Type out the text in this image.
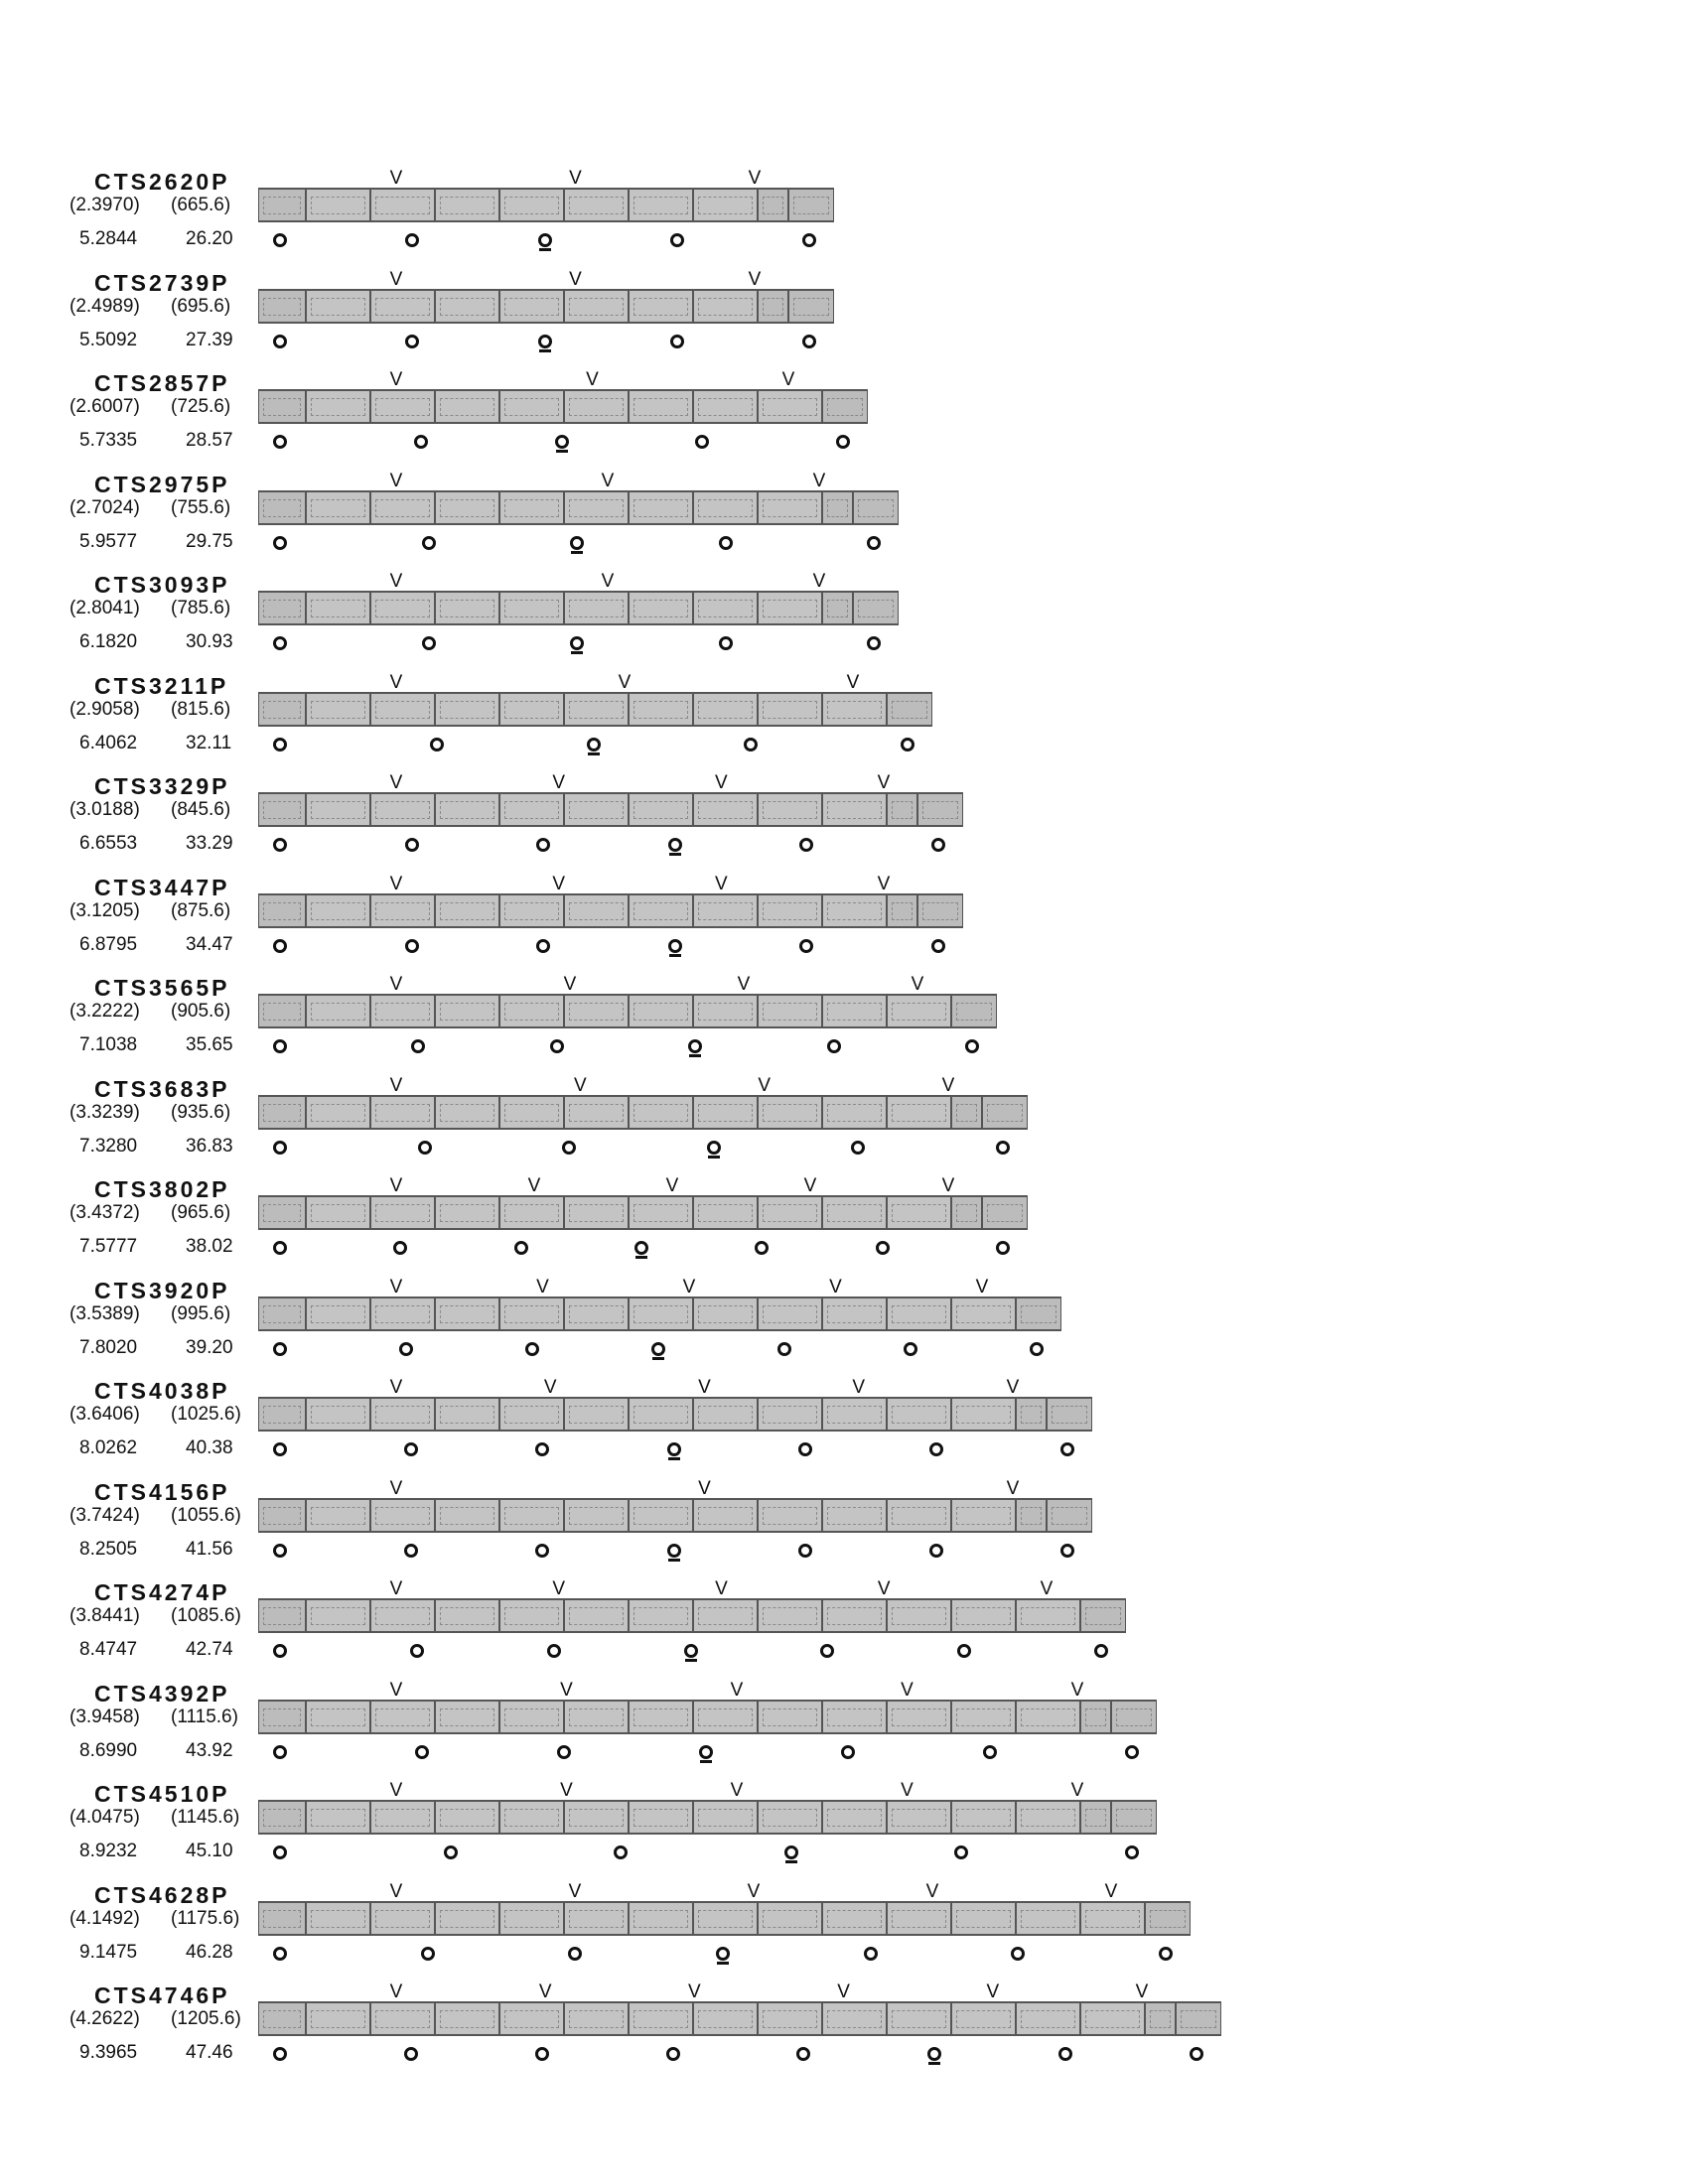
CTS2620P
(2.3970) (665.6)
5.2844	26.20
V	V	V
CTS2739P
(2.4989) (695.6)
5.5092	27.39
V	V	V
CTS2857P
(2.6007) (725.6)
5.7335	28.57
V	V	V
CTS2975P
(2.7024) (755.6)
5.9577	29.75
V	V	V
CTS3093P
(2.8041) (785.6)
6.1820	30.93
V	V	V
CTS3211P
(2.9058) (815.6)
6.4062	32.11
V	V	V
CTS3329P
(3.0188) (845.6)
6.6553	33.29
V	V	V	V
CTS3447P
(3.1205) (875.6)
6.8795	34.47
V	V	V	V
CTS3565P
(3.2222) (905.6)
7.1038	35.65
V	V	V	V
CTS3683P
(3.3239) (935.6)
7.3280	36.83
V	V	V	V
CTS3802P
(3.4372) (965.6)
7.5777	38.02
V	V	V	V	V
CTS3920P
(3.5389) (995.6)
7.8020	39.20
V	V	V	V	V
CTS4038P
(3.6406) (1025.6)
8.0262	40.38
V	V	V	V	V
CTS4156P
(3.7424) (1055.6)
8.2505	41.56
V	V	V
CTS4274P
(3.8441) (1085.6)
8.4747	42.74
V	V	V	V	V
CTS4392P
(3.9458) (1115.6)
8.6990	43.92
V	V	V	V	V
CTS4510P
(4.0475) (1145.6)
8.9232	45.10
V	V	V	V	V
CTS4628P
(4.1492) (1175.6)
9.1475	46.28
V	V	V	V	V
CTS4746P
(4.2622) (1205.6)
9.3965	47.46
V	V	V	V	V	V
